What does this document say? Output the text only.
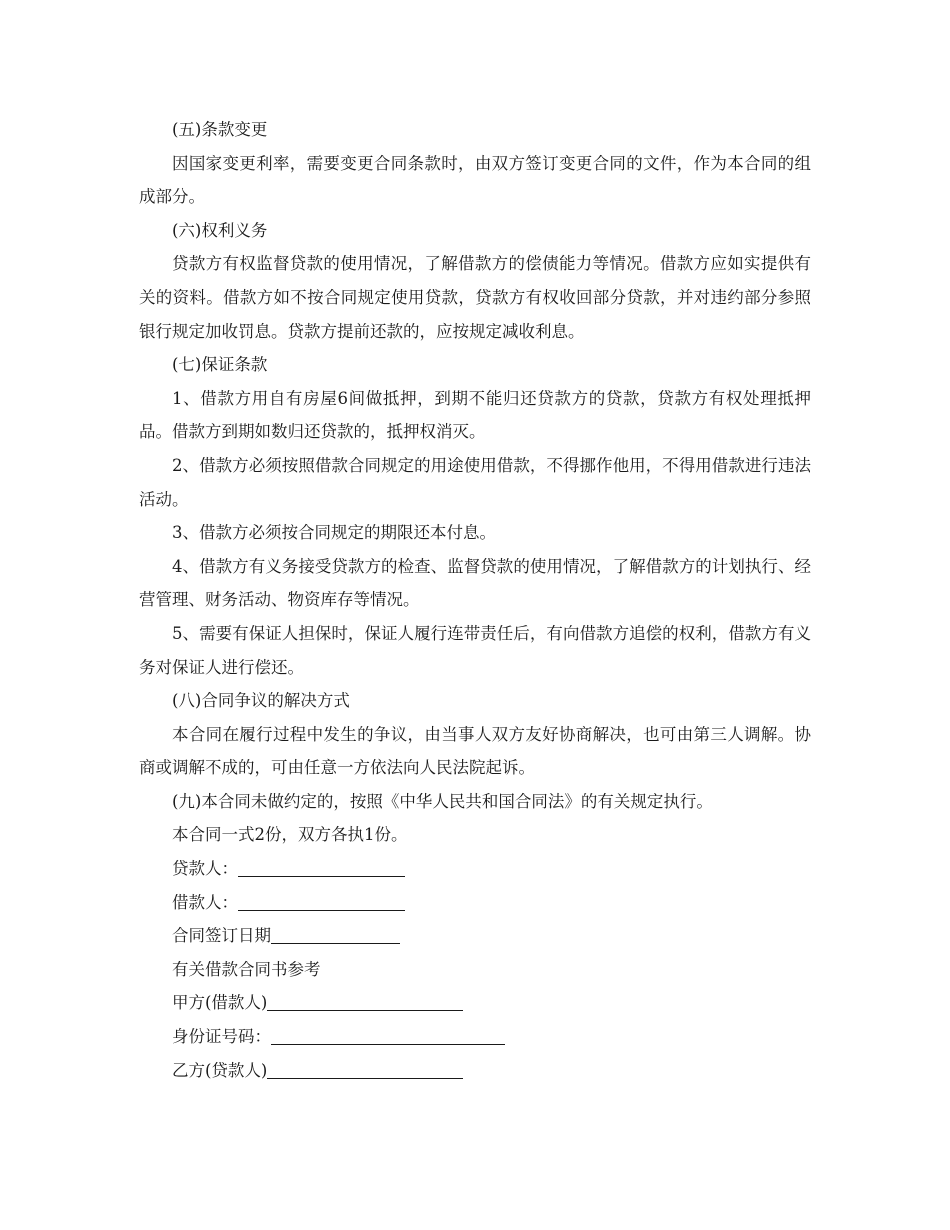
(五)条款变更

因国家变更利率，需要变更合同条款时，由双方签订变更合同的文件，作为本合同的组成部分。

(六)权利义务

贷款方有权监督贷款的使用情况，了解借款方的偿债能力等情况。借款方应如实提供有关的资料。借款方如不按合同规定使用贷款，贷款方有权收回部分贷款，并对违约部分参照银行规定加收罚息。贷款方提前还款的，应按规定减收利息。

(七)保证条款

1、借款方用自有房屋6间做抵押，到期不能归还贷款方的贷款，贷款方有权处理抵押品。借款方到期如数归还贷款的，抵押权消灭。

2、借款方必须按照借款合同规定的用途使用借款，不得挪作他用，不得用借款进行违法活动。

3、借款方必须按合同规定的期限还本付息。

4、借款方有义务接受贷款方的检查、监督贷款的使用情况，了解借款方的计划执行、经营管理、财务活动、物资库存等情况。

5、需要有保证人担保时，保证人履行连带责任后，有向借款方追偿的权利，借款方有义务对保证人进行偿还。

(八)合同争议的解决方式

本合同在履行过程中发生的争议，由当事人双方友好协商解决，也可由第三人调解。协商或调解不成的，可由任意一方依法向人民法院起诉。

(九)本合同未做约定的，按照《中华人民共和国合同法》的有关规定执行。

本合同一式2份，双方各执1份。

贷款人：

借款人：

合同签订日期

有关借款合同书参考

甲方(借款人)

身份证号码：

乙方(贷款人)
